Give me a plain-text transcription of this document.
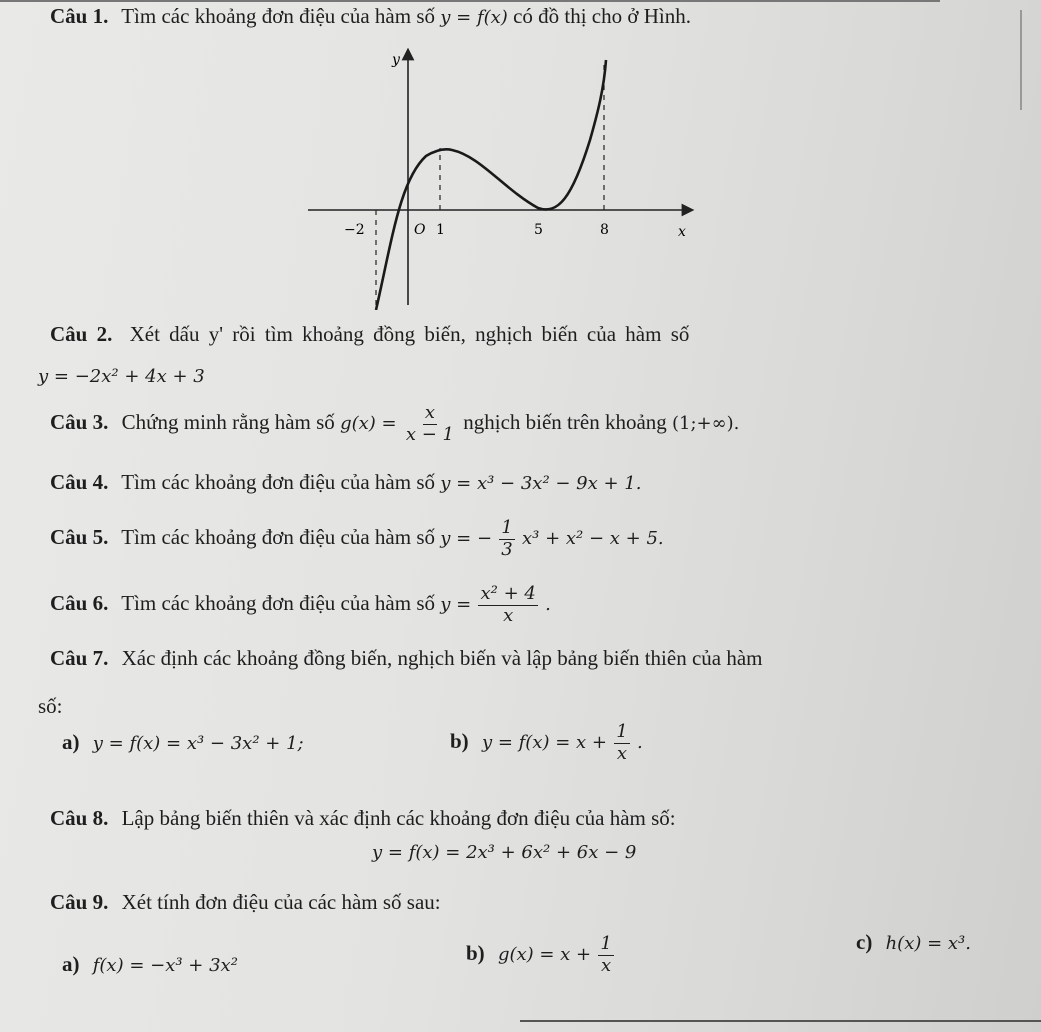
Câu 1. Tìm các khoảng đơn điệu của hàm số y = f(x) có đồ thị cho ở Hình.
y
x
O
−2	1	5	8
Câu 2. Xét dấu y' rồi tìm khoảng đồng biến, nghịch biến của hàm số
y = −2x² + 4x + 3
Câu 3. Chứng minh rằng hàm số $g(x) = \frac{x}{x - 1}$ nghịch biến trên khoảng (1;+∞).
Câu 4. Tìm các khoảng đơn điệu của hàm số y = x³ − 3x² − 9x + 1.
Câu 5. Tìm các khoảng đơn điệu của hàm số y = − $\frac{1}{3} x^3 + x^2 - x + 5$.
Câu 6. Tìm các khoảng đơn điệu của hàm số $y = \frac{\text{x² + 4}}{x}$ .
Câu 7. Xác định các khoảng đồng biến, nghịch biến và lập bảng biến thiên của hàm
số:
a) y = f(x) = x³ − 3x² + 1;	b) $y = f(x) = x + \frac{1}{x}$ .
Câu 8. Lập bảng biến thiên và xác định các khoảng đơn điệu của hàm số:
y = f(x) = 2x³ + 6x² + 6x − 9
Câu 9. Xét tính đơn điệu của các hàm số sau:
a) f(x) = −x³ + 3x²
b) $g(x) = x + \frac{1}{x}$	c) h(x) = x³.
